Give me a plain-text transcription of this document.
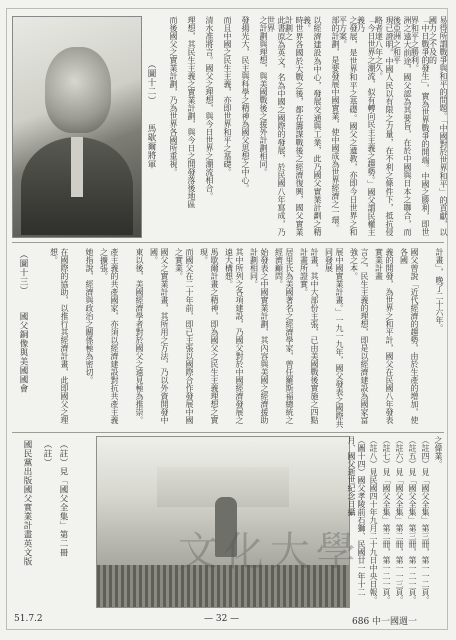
易得所謂戰爭與和平的問題。「中國對於世界和平」的貢獻，以國力之不及的
「中日戰爭的發生」，實為世界戰爭的開端。中國之勝利，即世界和平之勝利。
洲之遠大前途，國父認為其要旨，在於中國與日本之聯合，而後亞洲之和平
現已證明。中國人民以有限之力量，在不利之條件下，抵抗侵略者達八年之久。
「今日世界之潮流，似有轉向民主主義之趨勢。」國父謂民權主義乃
之發展，是世界和平之基礎。國父之遺教，亦即今日世界之和平方案。
部的計劃，是要發展中國實業，使中國成為世界經濟之一環。
以經濟建設為中心，發展交通與工業，此乃國父實業計劃之精義。
時世界各國於大戰之後，都在籌謀戰後之經濟復興，國父實業計劃之
此書原為英文，名為中國之國際的發展，於民國八年寫成，乃世界
之計劃與理想，與美國戰後之援外計劃相同。
發揚光大，民主與科學之精神為國父思想之中心。
而且中國之民生主義，亦即世界和平之基礎。
清水准將言。國父之理想，與今日世界之潮流相合。
理想，其民生主義之實業計劃，與今日之開發落後地區
而後國父之實業計劃，乃為世界各國所重視。
（圖十二）
馬歇爾將軍
計畫」，晚了二十六年。
國父曾說「近代經濟的趨勢，由於生產的增加，使各國
義的開發，為世界之和平計，國父在民國八年發表實業計畫
言之，民生主義的理想，即是以經濟建設為國家富強之本。
展中國實業計畫。」一九一九年，國父發表之國際共同發展
計畫，其中大部份主張，已由美國戰後實施之四點計畫所證實。
居里氏為美國著名之經濟學家，曾任羅斯福總統之經濟顧問。
始發表之中國實業計劃，其內容與美國之經濟援助計劃相同。
其中所列之各項建設，乃國父對於中國經濟發展之遠大構想。
馬歇爾計畫之精神，即為國父之民生主義理想之實現。
而國父在二十年前，即已主張以國際合作發展中國之實業。
國父之實業計畫，其所用之方法，乃以外資開發中國。
東以後，美國經濟學者對於國父之遠見極為推崇。
產主義的共產國家，亦須以經濟建設對抗共產主義之擴張。
她指說，經濟與政治之關係極為密切。
在國際的協助，以推行其經濟計畫，此即國父之理想。
（圖十三）
國父銅像與美國國會
（圖十四）國父孝陵前石獅、民國廿一年十二月、國父逝世紀念日攝
文化大學
之偉業。
（註四）見「國父全集」第三冊，第一一二頁。
（註五）見「國父全集」第三冊，第一二一頁。
（註六）見「國父全集」第二冊，第一一三頁。
（註七）見「國父全集」第二冊，第一二一頁。
（註八）見民國四十年九月二十九日中央日報。
國民黨出版國父實業計畫英文版 （註） （註）見「國父全集」第二冊
51.7.2	— 32 —	686 中一國週一
